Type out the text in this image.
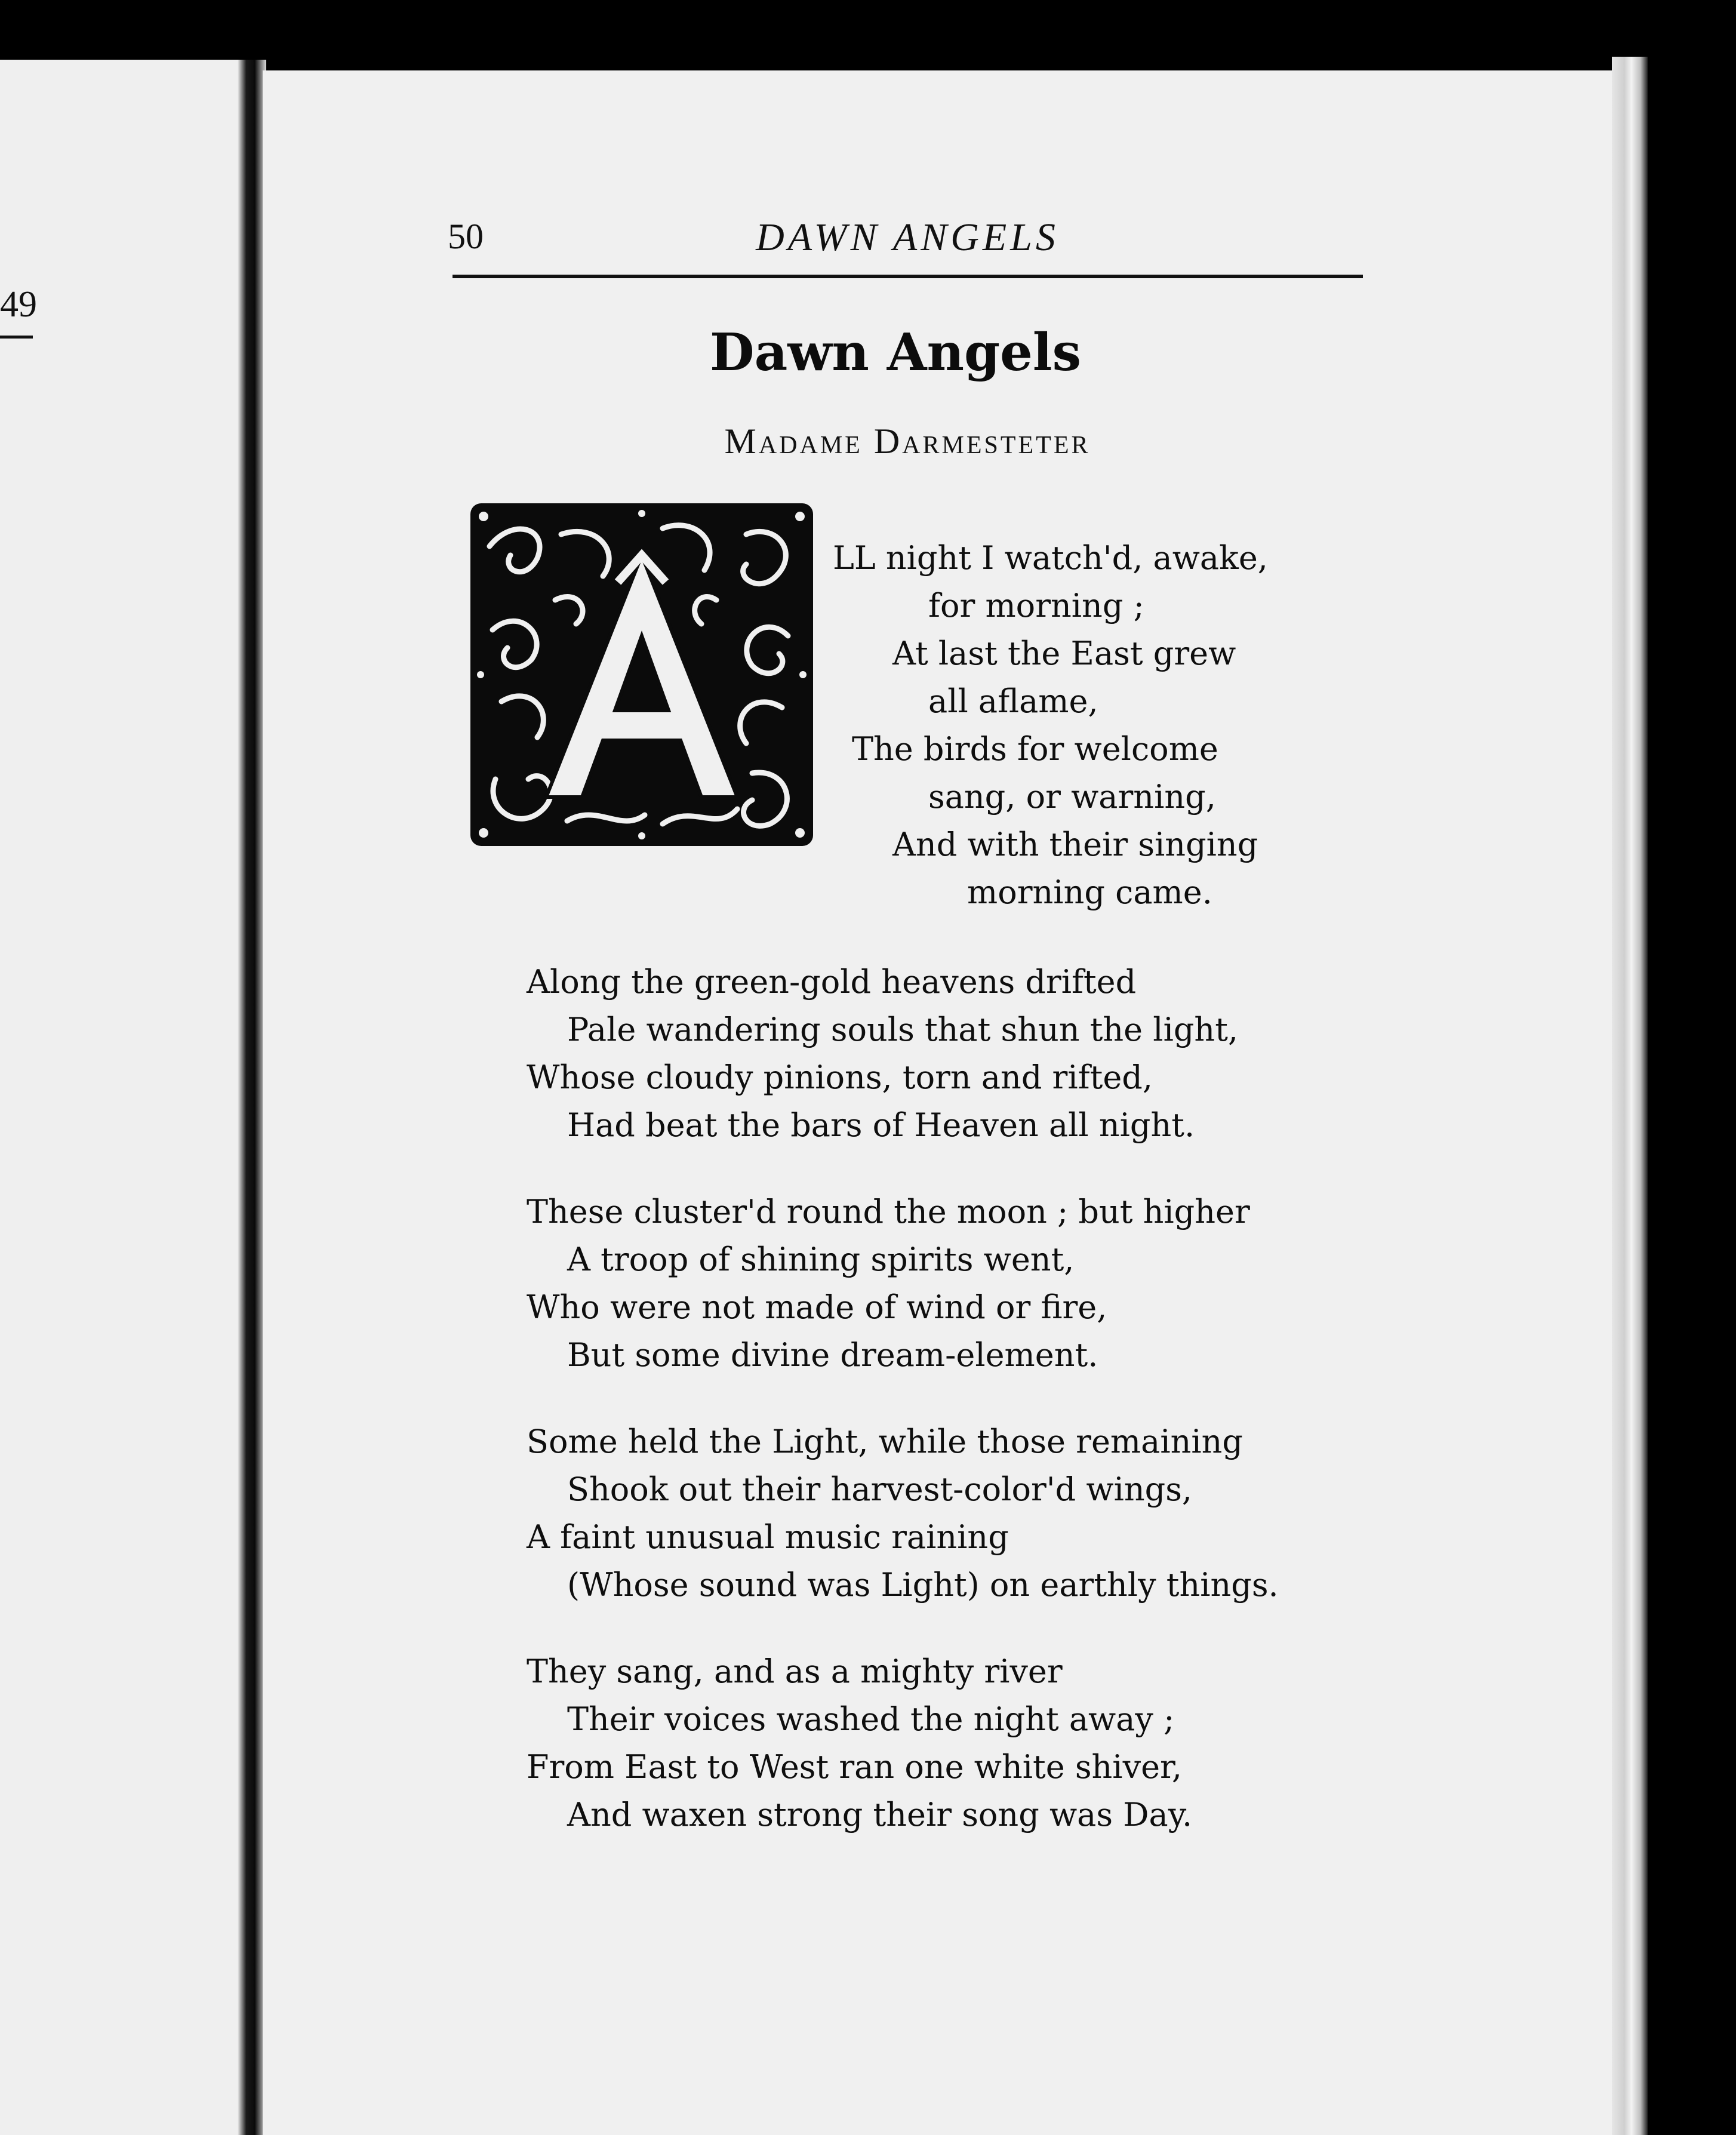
49
50	DAWN ANGELS
Dawn Angels
Madame Darmesteter
LL night I watch'd, awake,
for morning ;
At last the East grew
all aflame,
The birds for welcome
sang, or warning,
And with their singing
morning came.
Along the green-gold heavens drifted
Pale wandering souls that shun the light,
Whose cloudy pinions, torn and rifted,
Had beat the bars of Heaven all night.
These cluster'd round the moon ; but higher
A troop of shining spirits went,
Who were not made of wind or fire,
But some divine dream-element.
Some held the Light, while those remaining
Shook out their harvest-color'd wings,
A faint unusual music raining
(Whose sound was Light) on earthly things.
They sang, and as a mighty river
Their voices washed the night away ;
From East to West ran one white shiver,
And waxen strong their song was Day.
